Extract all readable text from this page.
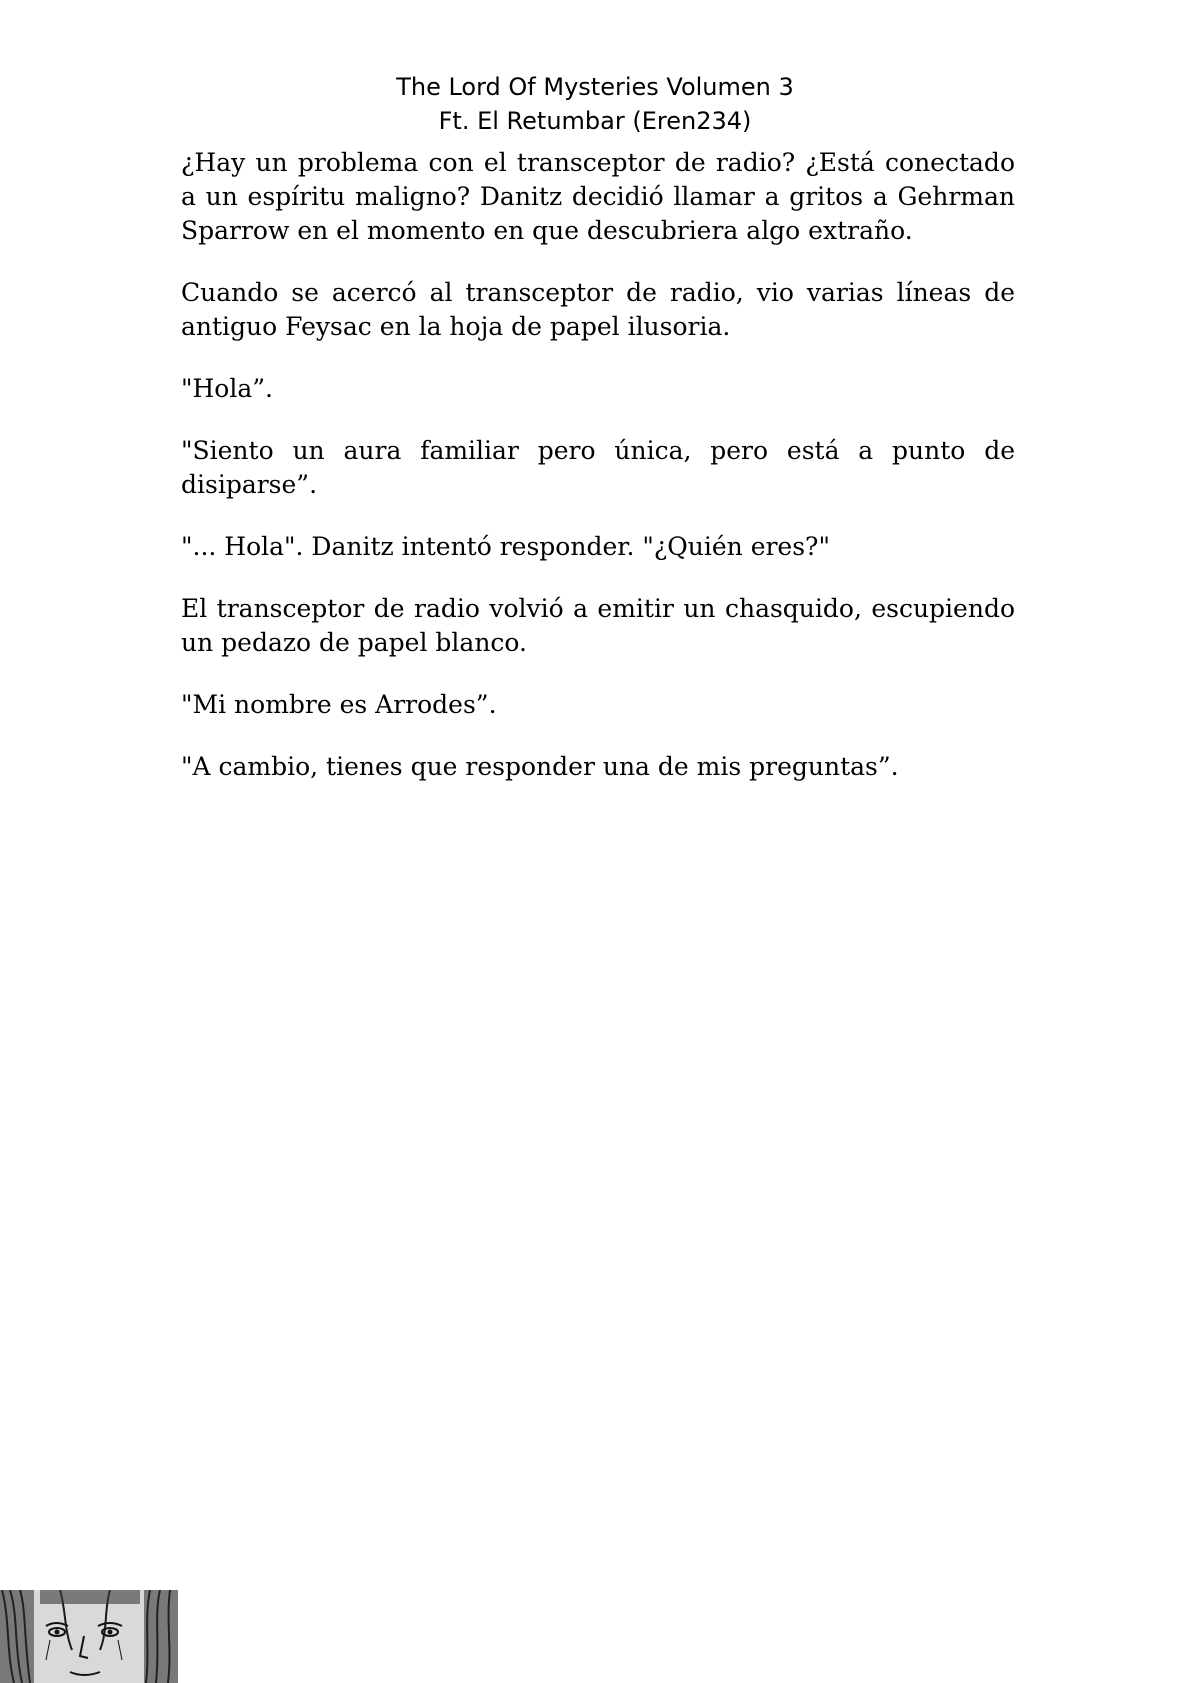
The Lord Of Mysteries Volumen 3
Ft. El Retumbar (Eren234)

¿Hay un problema con el transceptor de radio? ¿Está conectado a un espíritu maligno? Danitz decidió llamar a gritos a Gehrman Sparrow en el momento en que descubriera algo extraño.

Cuando se acercó al transceptor de radio, vio varias líneas de antiguo Feysac en la hoja de papel ilusoria.

"Hola”.

"Siento un aura familiar pero única, pero está a punto de disiparse”.

"... Hola". Danitz intentó responder. "¿Quién eres?"

El transceptor de radio volvió a emitir un chasquido, escupiendo un pedazo de papel blanco.

"Mi nombre es Arrodes”.

"A cambio, tienes que responder una de mis preguntas”.
